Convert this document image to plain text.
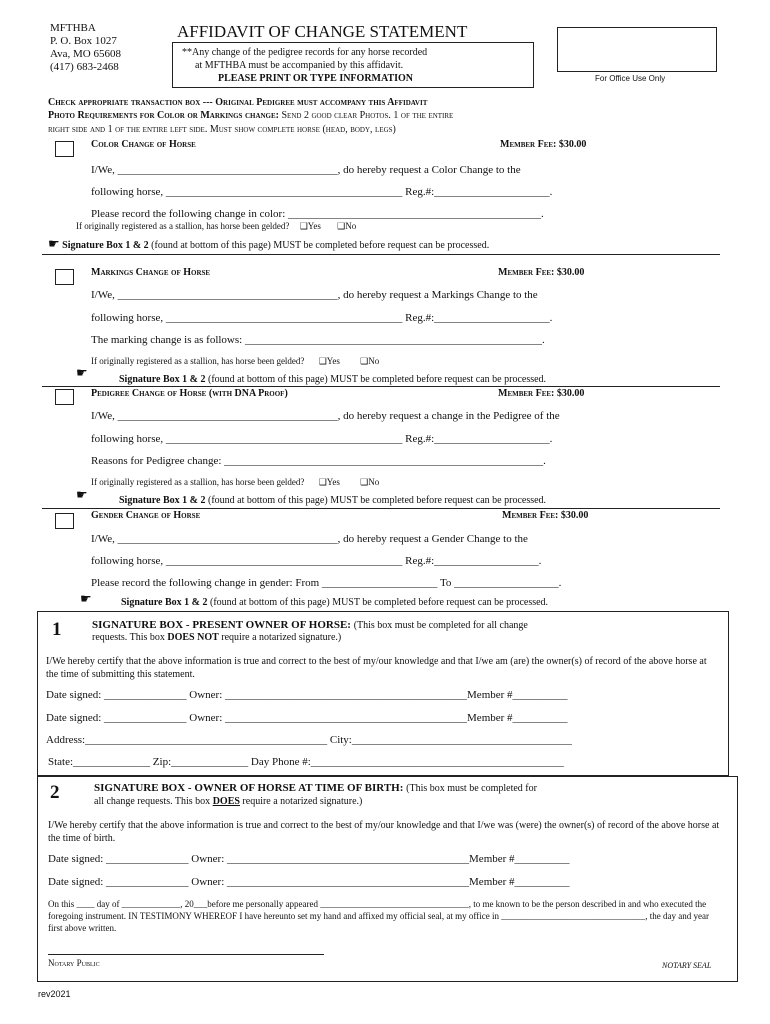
MFTHBA
P. O. Box 1027
Ava, MO 65608
(417) 683-2468
AFFIDAVIT OF CHANGE STATEMENT
**Any change of the pedigree records for any horse recorded
at MFTHBA must be accompanied by this affidavit.
PLEASE PRINT OR TYPE INFORMATION	For Office Use Only
Check appropriate transaction box --- Original Pedigree must accompany this Affidavit
Photo Requirements for Color or Markings change: Send 2 good clear Photos. 1 of the entire
right side and 1 of the entire left side. Must show complete horse (head, body, legs)
Color Change of Horse	Member Fee: $30.00
I/We, ________________________________________, do hereby request a Color Change to the
following horse, ___________________________________________ Reg.#:_____________________.
Please record the following change in color: ______________________________________________.
If originally registered as a stallion, has horse been gelded? ❑Yes ❑No
☛ Signature Box 1 & 2 (found at bottom of this page) MUST be completed before request can be processed.
Markings Change of Horse	Member Fee: $30.00
I/We, ________________________________________, do hereby request a Markings Change to the
following horse, ___________________________________________ Reg.#:_____________________.
The marking change is as follows: ______________________________________________________.
If originally registered as a stallion, has horse been gelded? ❑Yes ❑No
☛	Signature Box 1 & 2 (found at bottom of this page) MUST be completed before request can be processed.
Pedigree Change of Horse (with DNA Proof)	Member Fee: $30.00
I/We, ________________________________________, do hereby request a change in the Pedigree of the
following horse, ___________________________________________ Reg.#:_____________________.
Reasons for Pedigree change: __________________________________________________________.
If originally registered as a stallion, has horse been gelded? ❑Yes ❑No
☛	Signature Box 1 & 2 (found at bottom of this page) MUST be completed before request can be processed.
Gender Change of Horse	Member Fee: $30.00
I/We, ________________________________________, do hereby request a Gender Change to the
following horse, ___________________________________________ Reg.#:___________________.
Please record the following change in gender: From _____________________ To ___________________.
☛	Signature Box 1 & 2 (found at bottom of this page) MUST be completed before request can be processed.
1	SIGNATURE BOX - PRESENT OWNER OF HORSE: (This box must be completed for all change
requests. This box DOES NOT require a notarized signature.)
I/We hereby certify that the above information is true and correct to the best of my/our knowledge and that I/we am (are) the owner(s) of record of the above horse at the time of submitting this statement.
Date signed: _______________ Owner: ____________________________________________Member #__________
Date signed: _______________ Owner: ____________________________________________Member #__________
Address:____________________________________________ City:________________________________________
State:______________ Zip:______________ Day Phone #:______________________________________________
2	SIGNATURE BOX - OWNER OF HORSE AT TIME OF BIRTH: (This box must be completed for
all change requests. This box DOES require a notarized signature.)
I/We hereby certify that the above information is true and correct to the best of my/our knowledge and that I/we was (were) the owner(s) of record of the above horse at the time of birth.
Date signed: _______________ Owner: ____________________________________________Member #__________
Date signed: _______________ Owner: ____________________________________________Member #__________
On this ____ day of _____________, 20___before me personally appeared _________________________________, to me known to be the person described in and who executed the foregoing instrument. IN TESTIMONY WHEREOF I have hereunto set my hand and affixed my official seal, at my office in ________________________________, the day and year first above written.
Notary Public	NOTARY SEAL
rev2021
